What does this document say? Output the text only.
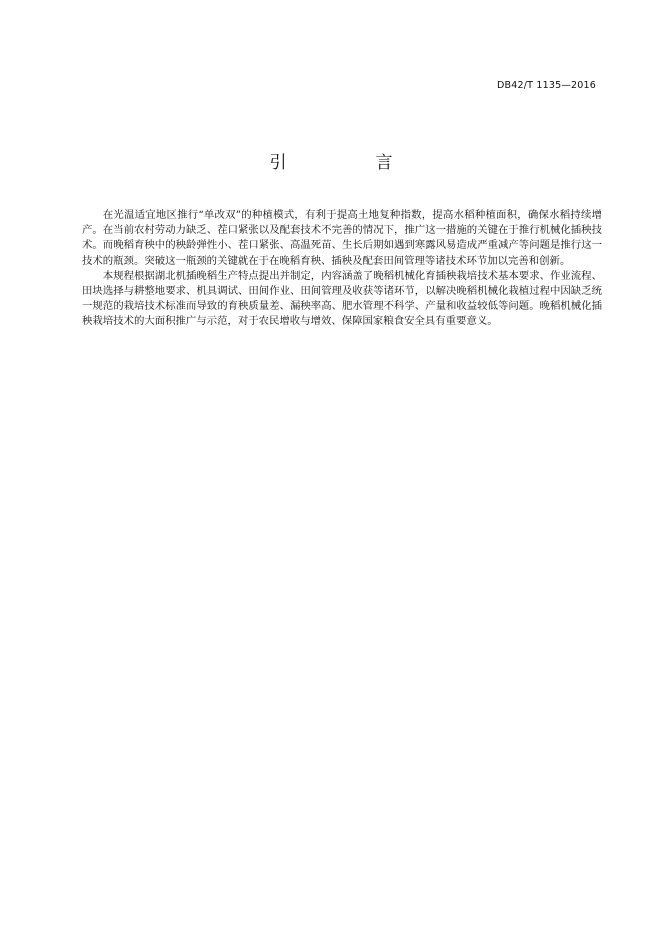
DB42/T 1135—2016
引　言

在光温适宜地区推行“单改双”的种植模式，有利于提高土地复种指数，提高水稻种植面积，确保水稻持续增产。在当前农村劳动力缺乏、茬口紧张以及配套技术不完善的情况下，推广这一措施的关键在于推行机械化插秧技术。而晚稻育秧中的秧龄弹性小、茬口紧张、高温死苗、生长后期如遇到寒露风易造成严重减产等问题是推行这一技术的瓶颈。突破这一瓶颈的关键就在于在晚稻育秧、插秧及配套田间管理等诸技术环节加以完善和创新。

本规程根据湖北机插晚稻生产特点提出并制定，内容涵盖了晚稻机械化育插秧栽培技术基本要求、作业流程、田块选择与耕整地要求、机具调试、田间作业、田间管理及收获等诸环节，以解决晚稻机械化栽植过程中因缺乏统一规范的栽培技术标准而导致的育秧质量差、漏秧率高、肥水管理不科学、产量和收益较低等问题。晚稻机械化插秧栽培技术的大面积推广与示范，对于农民增收与增效、保障国家粮食安全具有重要意义。
